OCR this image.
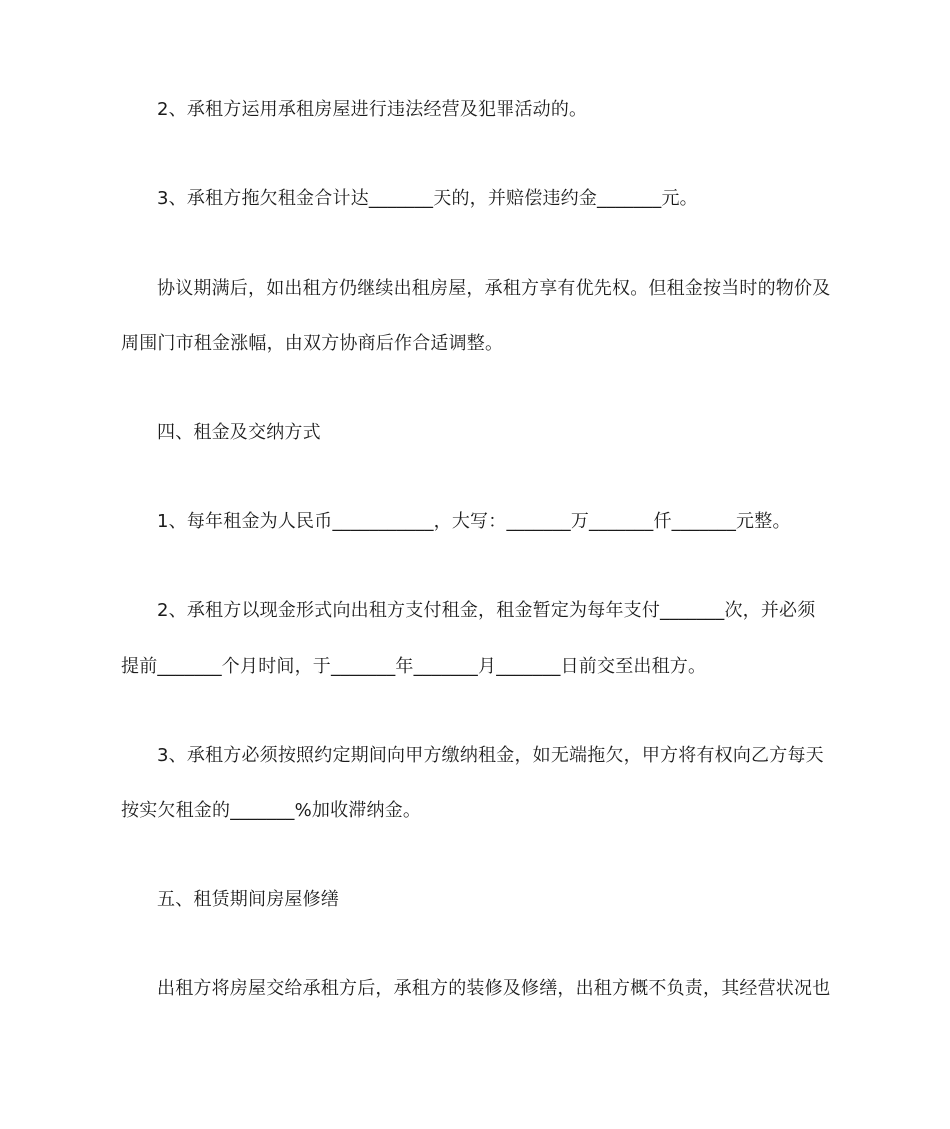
2、承租方运用承租房屋进行违法经营及犯罪活动的。
3、承租方拖欠租金合计达_______天的，并赔偿违约金_______元。
协议期满后，如出租方仍继续出租房屋，承租方享有优先权。但租金按当时的物价及
周围门市租金涨幅，由双方协商后作合适调整。
四、租金及交纳方式
1、每年租金为人民币___________，大写：_______万_______仟_______元整。
2、承租方以现金形式向出租方支付租金，租金暂定为每年支付_______次，并必须
提前_______个月时间，于_______年_______月_______日前交至出租方。
3、承租方必须按照约定期间向甲方缴纳租金，如无端拖欠，甲方将有权向乙方每天
按实欠租金的_______%加收滞纳金。
五、租赁期间房屋修缮
出租方将房屋交给承租方后，承租方的装修及修缮，出租方概不负责，其经营状况也
